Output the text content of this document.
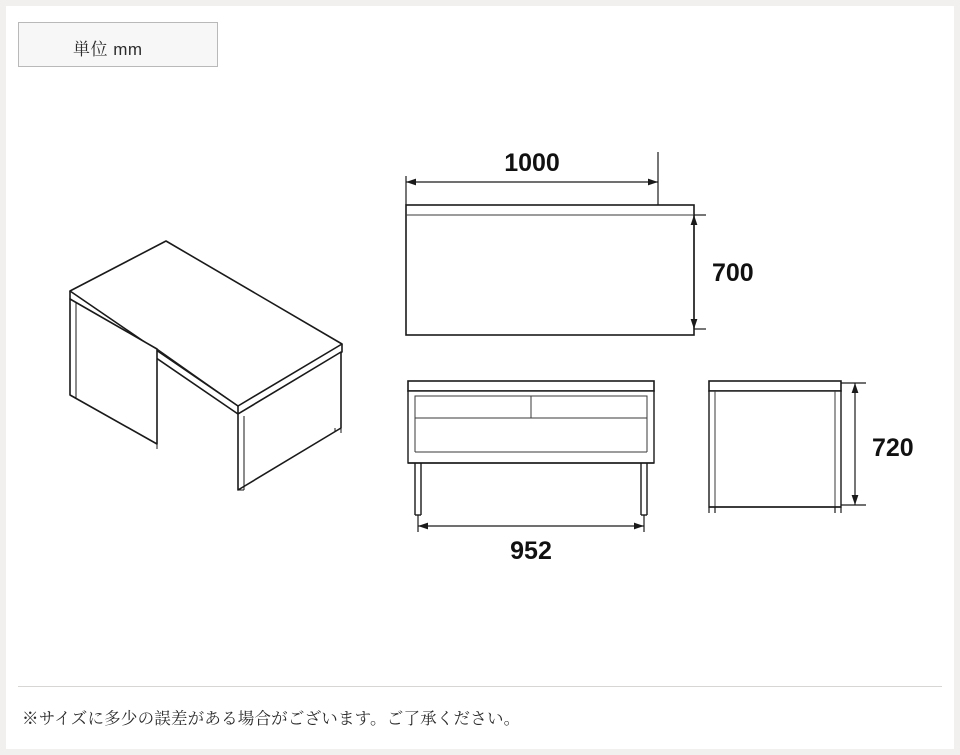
単位 mm
1000
700
952
720
※サイズに多少の誤差がある場合がございます。ご了承ください。
